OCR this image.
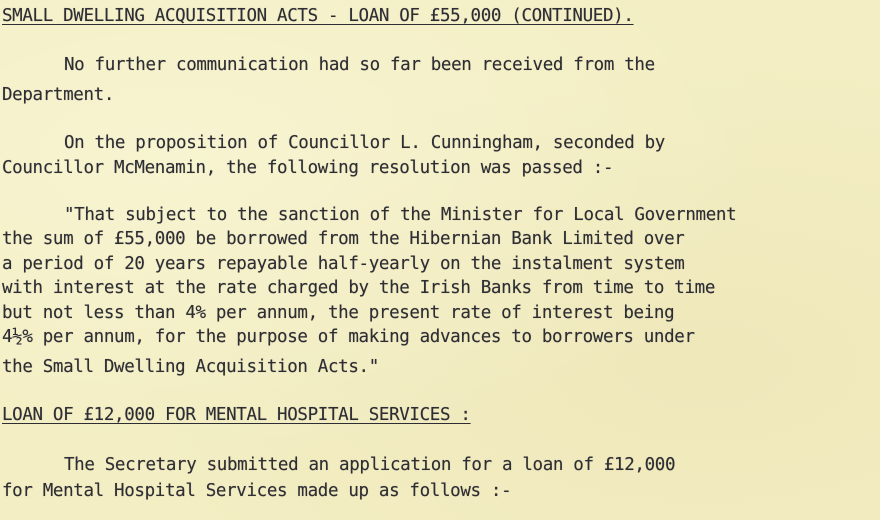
SMALL DWELLING ACQUISITION ACTS - LOAN OF £55,000 (CONTINUED).
No further communication had so far been received from the
Department.
On the proposition of Councillor L. Cunningham, seconded by
Councillor McMenamin, the following resolution was passed :-
"That subject to the sanction of the Minister for Local Government
the sum of £55,000 be borrowed from the Hibernian Bank Limited over
a period of 20 years repayable half-yearly on the instalment system
with interest at the rate charged by the Irish Banks from time to time
but not less than 4% per annum, the present rate of interest being
4½% per annum, for the purpose of making advances to borrowers under
the Small Dwelling Acquisition Acts."
LOAN OF £12,000 FOR MENTAL HOSPITAL SERVICES :
The Secretary submitted an application for a loan of £12,000
for Mental Hospital Services made up as follows :-
